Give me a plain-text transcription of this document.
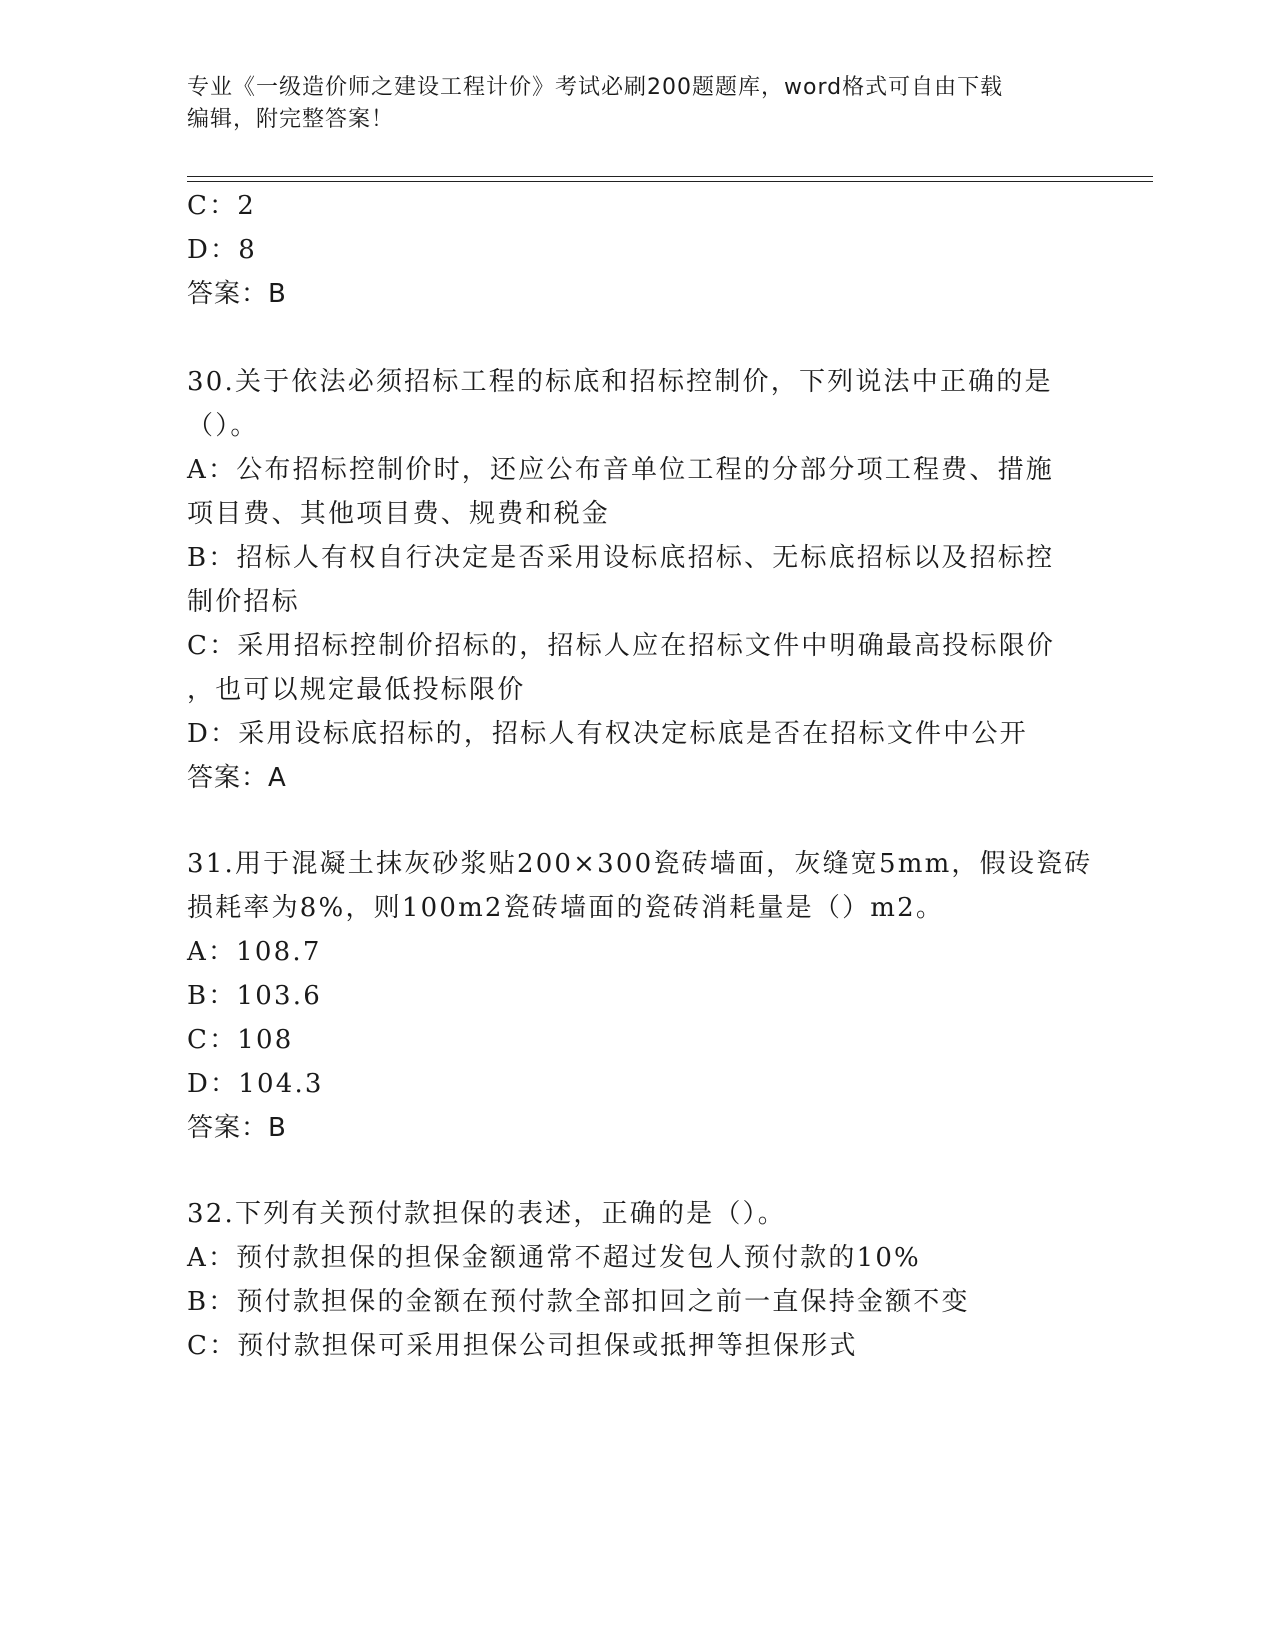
专业《一级造价师之建设工程计价》考试必刷200题题库，word格式可自由下载
编辑，附完整答案！
C：2
D：8
答案：B
30.关于依法必须招标工程的标底和招标控制价，下列说法中正确的是
（）。
A：公布招标控制价时，还应公布音单位工程的分部分项工程费、措施
项目费、其他项目费、规费和税金
B：招标人有权自行决定是否采用设标底招标、无标底招标以及招标控
制价招标
C：采用招标控制价招标的，招标人应在招标文件中明确最高投标限价
，也可以规定最低投标限价
D：采用设标底招标的，招标人有权决定标底是否在招标文件中公开
答案：A
31.用于混凝土抹灰砂浆贴200×300瓷砖墙面，灰缝宽5mm，假设瓷砖
损耗率为8%，则100m2瓷砖墙面的瓷砖消耗量是（）m2。
A：108.7
B：103.6
C：108
D：104.3
答案：B
32.下列有关预付款担保的表述，正确的是（）。
A：预付款担保的担保金额通常不超过发包人预付款的10%
B：预付款担保的金额在预付款全部扣回之前一直保持金额不变
C：预付款担保可采用担保公司担保或抵押等担保形式
